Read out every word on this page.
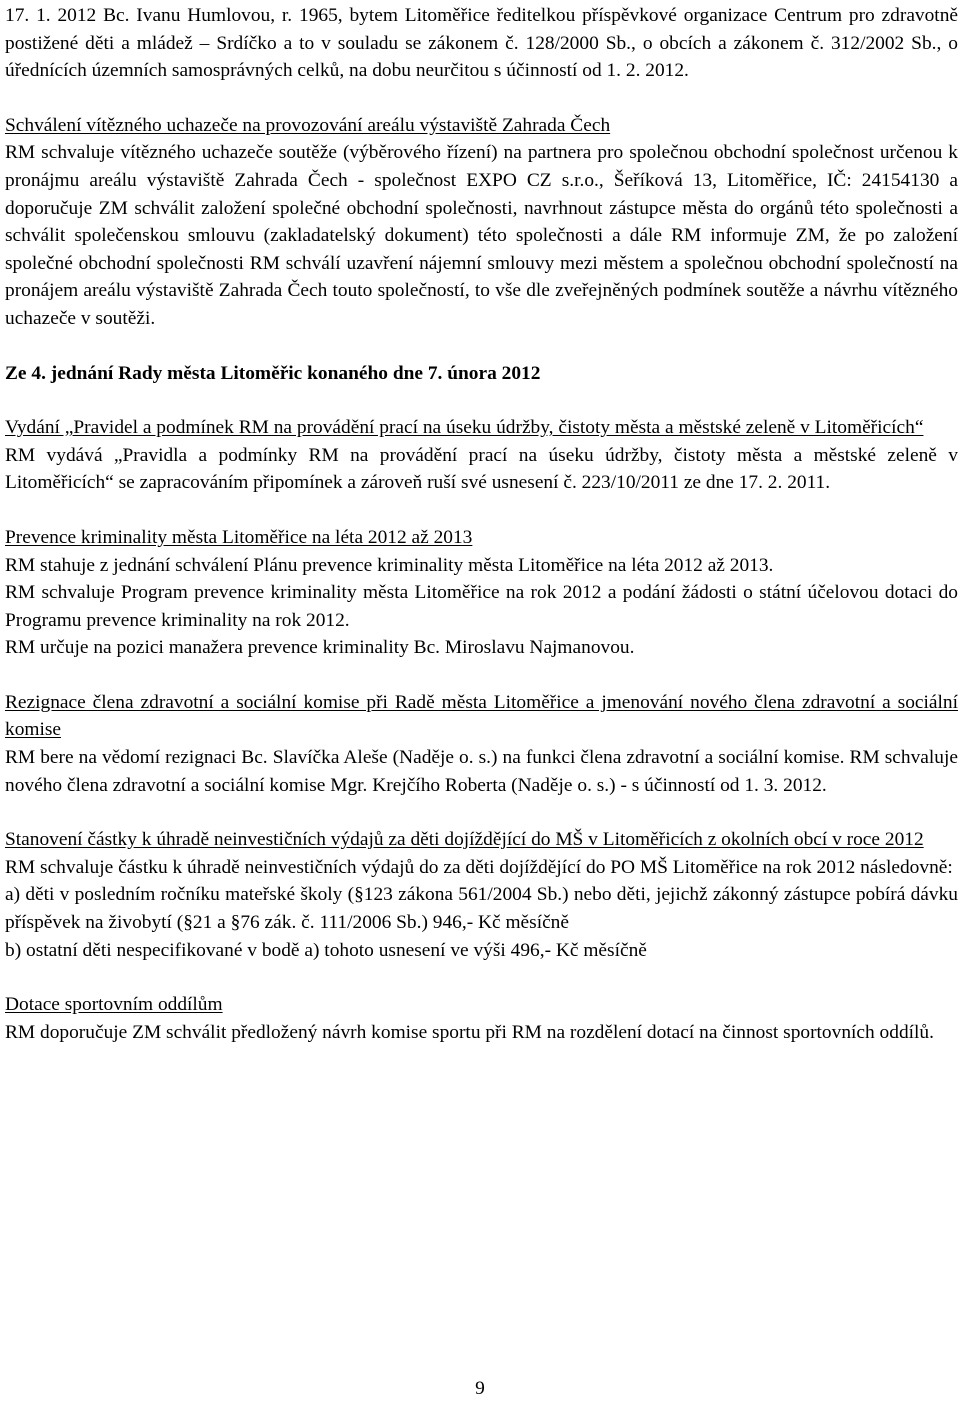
17. 1. 2012 Bc. Ivanu Humlovou, r. 1965, bytem Litoměřice ředitelkou příspěvkové organizace Centrum pro zdravotně postižené děti a mládež – Srdíčko a to v souladu se zákonem č. 128/2000 Sb., o obcích a zákonem č. 312/2002 Sb., o úřednících územních samosprávných celků, na dobu neurčitou s účinností od 1. 2. 2012.

Schválení vítězného uchazeče na provozování areálu výstaviště Zahrada Čech

RM schvaluje vítězného uchazeče soutěže (výběrového řízení) na partnera pro společnou obchodní společnost určenou k pronájmu areálu výstaviště Zahrada Čech - společnost EXPO CZ s.r.o., Šeříková 13, Litoměřice, IČ: 24154130 a doporučuje ZM schválit založení společné obchodní společnosti, navrhnout zástupce města do orgánů této společnosti a schválit společenskou smlouvu (zakladatelský dokument) této společnosti a dále RM informuje ZM, že po založení společné obchodní společnosti RM schválí uzavření nájemní smlouvy mezi městem a společnou obchodní společností na pronájem areálu výstaviště Zahrada Čech touto společností, to vše dle zveřejněných podmínek soutěže a návrhu vítězného uchazeče v soutěži.

Ze 4. jednání Rady města Litoměřic konaného dne 7. února 2012

Vydání „Pravidel a podmínek RM na provádění prací na úseku údržby, čistoty města a městské zeleně v Litoměřicích“

RM vydává „Pravidla a podmínky RM na provádění prací na úseku údržby, čistoty města a městské zeleně v Litoměřicích“ se zapracováním připomínek a zároveň ruší své usnesení č. 223/10/2011 ze dne 17. 2. 2011.

Prevence kriminality města Litoměřice na léta 2012 až 2013

RM stahuje z jednání schválení Plánu prevence kriminality města Litoměřice na léta 2012 až 2013.

RM schvaluje Program prevence kriminality města Litoměřice na rok 2012 a podání žádosti o státní účelovou dotaci do Programu prevence kriminality na rok 2012.

RM určuje na pozici manažera prevence kriminality Bc. Miroslavu Najmanovou.

Rezignace člena zdravotní a sociální komise při Radě města Litoměřice a jmenování nového člena zdravotní a sociální komise

RM bere na vědomí rezignaci Bc. Slavíčka Aleše (Naděje o. s.) na funkci člena zdravotní a sociální komise. RM schvaluje nového člena zdravotní a sociální komise Mgr. Krejčího Roberta (Naděje o. s.) - s účinností od 1. 3. 2012.

Stanovení částky k úhradě neinvestičních výdajů za děti dojíždějící do MŠ v Litoměřicích z okolních obcí v roce 2012

RM schvaluje částku k úhradě neinvestičních výdajů do za děti dojíždějící do PO MŠ Litoměřice na rok 2012 následovně:

a) děti v posledním ročníku mateřské školy (§123 zákona 561/2004 Sb.) nebo děti, jejichž zákonný zástupce pobírá dávku příspěvek na živobytí (§21 a §76 zák. č. 111/2006 Sb.) 946,- Kč měsíčně

b) ostatní děti nespecifikované v bodě a) tohoto usnesení ve výši 496,- Kč měsíčně

Dotace sportovním oddílům

RM doporučuje ZM schválit předložený návrh komise sportu při RM na rozdělení dotací na činnost sportovních oddílů.

9
